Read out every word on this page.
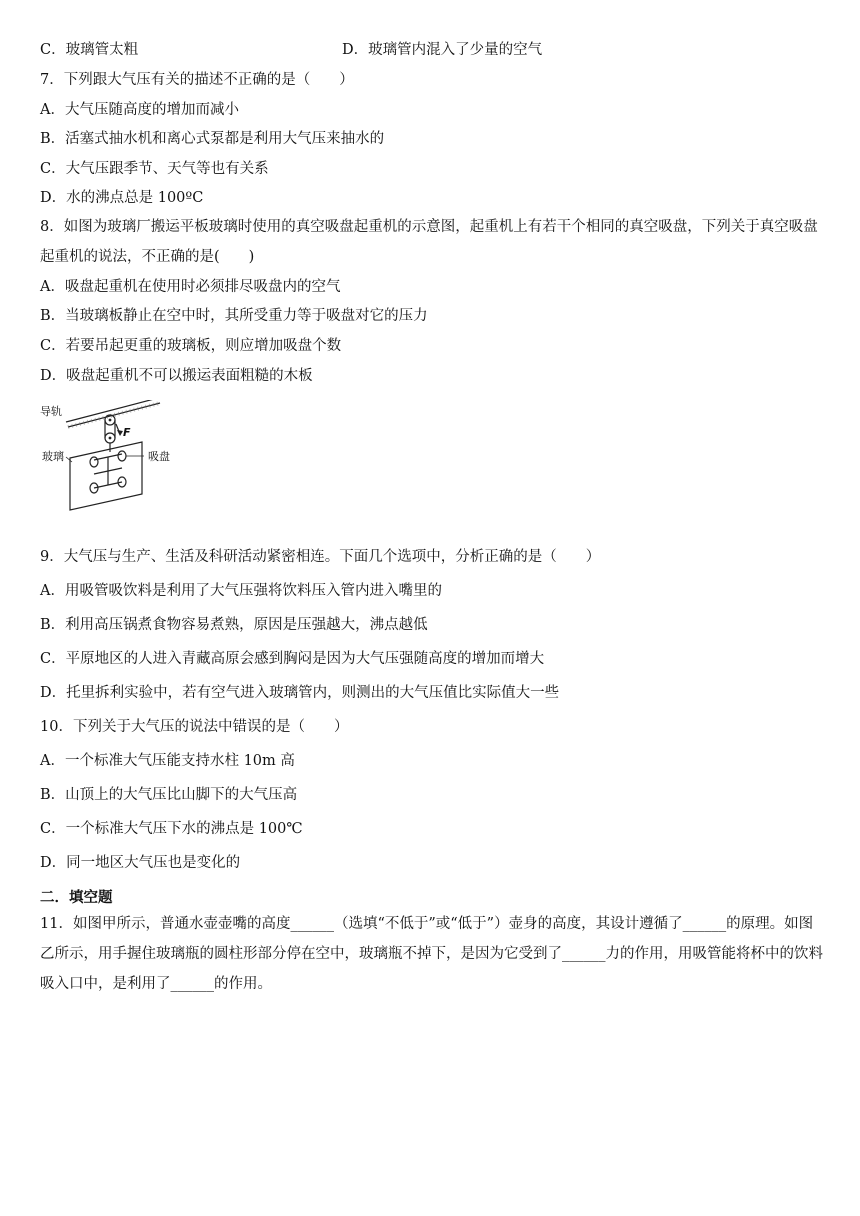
C．玻璃管太粗	D．玻璃管内混入了少量的空气
7．下列跟大气压有关的描述不正确的是（　　）
A．大气压随高度的增加而减小
B．活塞式抽水机和离心式泵都是利用大气压来抽水的
C．大气压跟季节、天气等也有关系
D．水的沸点总是 100ºC
8．如图为玻璃厂搬运平板玻璃时使用的真空吸盘起重机的示意图，起重机上有若干个相同的真空吸盘，下列关于真空吸盘起重机的说法，不正确的是(　　)
A．吸盘起重机在使用时必须排尽吸盘内的空气
B．当玻璃板静止在空中时，其所受重力等于吸盘对它的压力
C．若要吊起更重的玻璃板，则应增加吸盘个数
D．吸盘起重机不可以搬运表面粗糙的木板
导轨
F
玻璃	吸盘
9．大气压与生产、生活及科研活动紧密相连。下面几个选项中，分析正确的是（　　）
A．用吸管吸饮料是利用了大气压强将饮料压入管内进入嘴里的
B．利用高压锅煮食物容易煮熟，原因是压强越大，沸点越低
C．平原地区的人进入青藏高原会感到胸闷是因为大气压强随高度的增加而增大
D．托里拆利实验中，若有空气进入玻璃管内，则测出的大气压值比实际值大一些
10．下列关于大气压的说法中错误的是（　　）
A．一个标准大气压能支持水柱 10m 高
B．山顶上的大气压比山脚下的大气压高
C．一个标准大气压下水的沸点是 100℃
D．同一地区大气压也是变化的
二．填空题
11．如图甲所示，普通水壶壶嘴的高度______（选填“不低于”或“低于”）壶身的高度，其设计遵循了______的原理。如图乙所示，用手握住玻璃瓶的圆柱形部分停在空中，玻璃瓶不掉下，是因为它受到了______力的作用，用吸管能将杯中的饮料吸入口中，是利用了______的作用。
